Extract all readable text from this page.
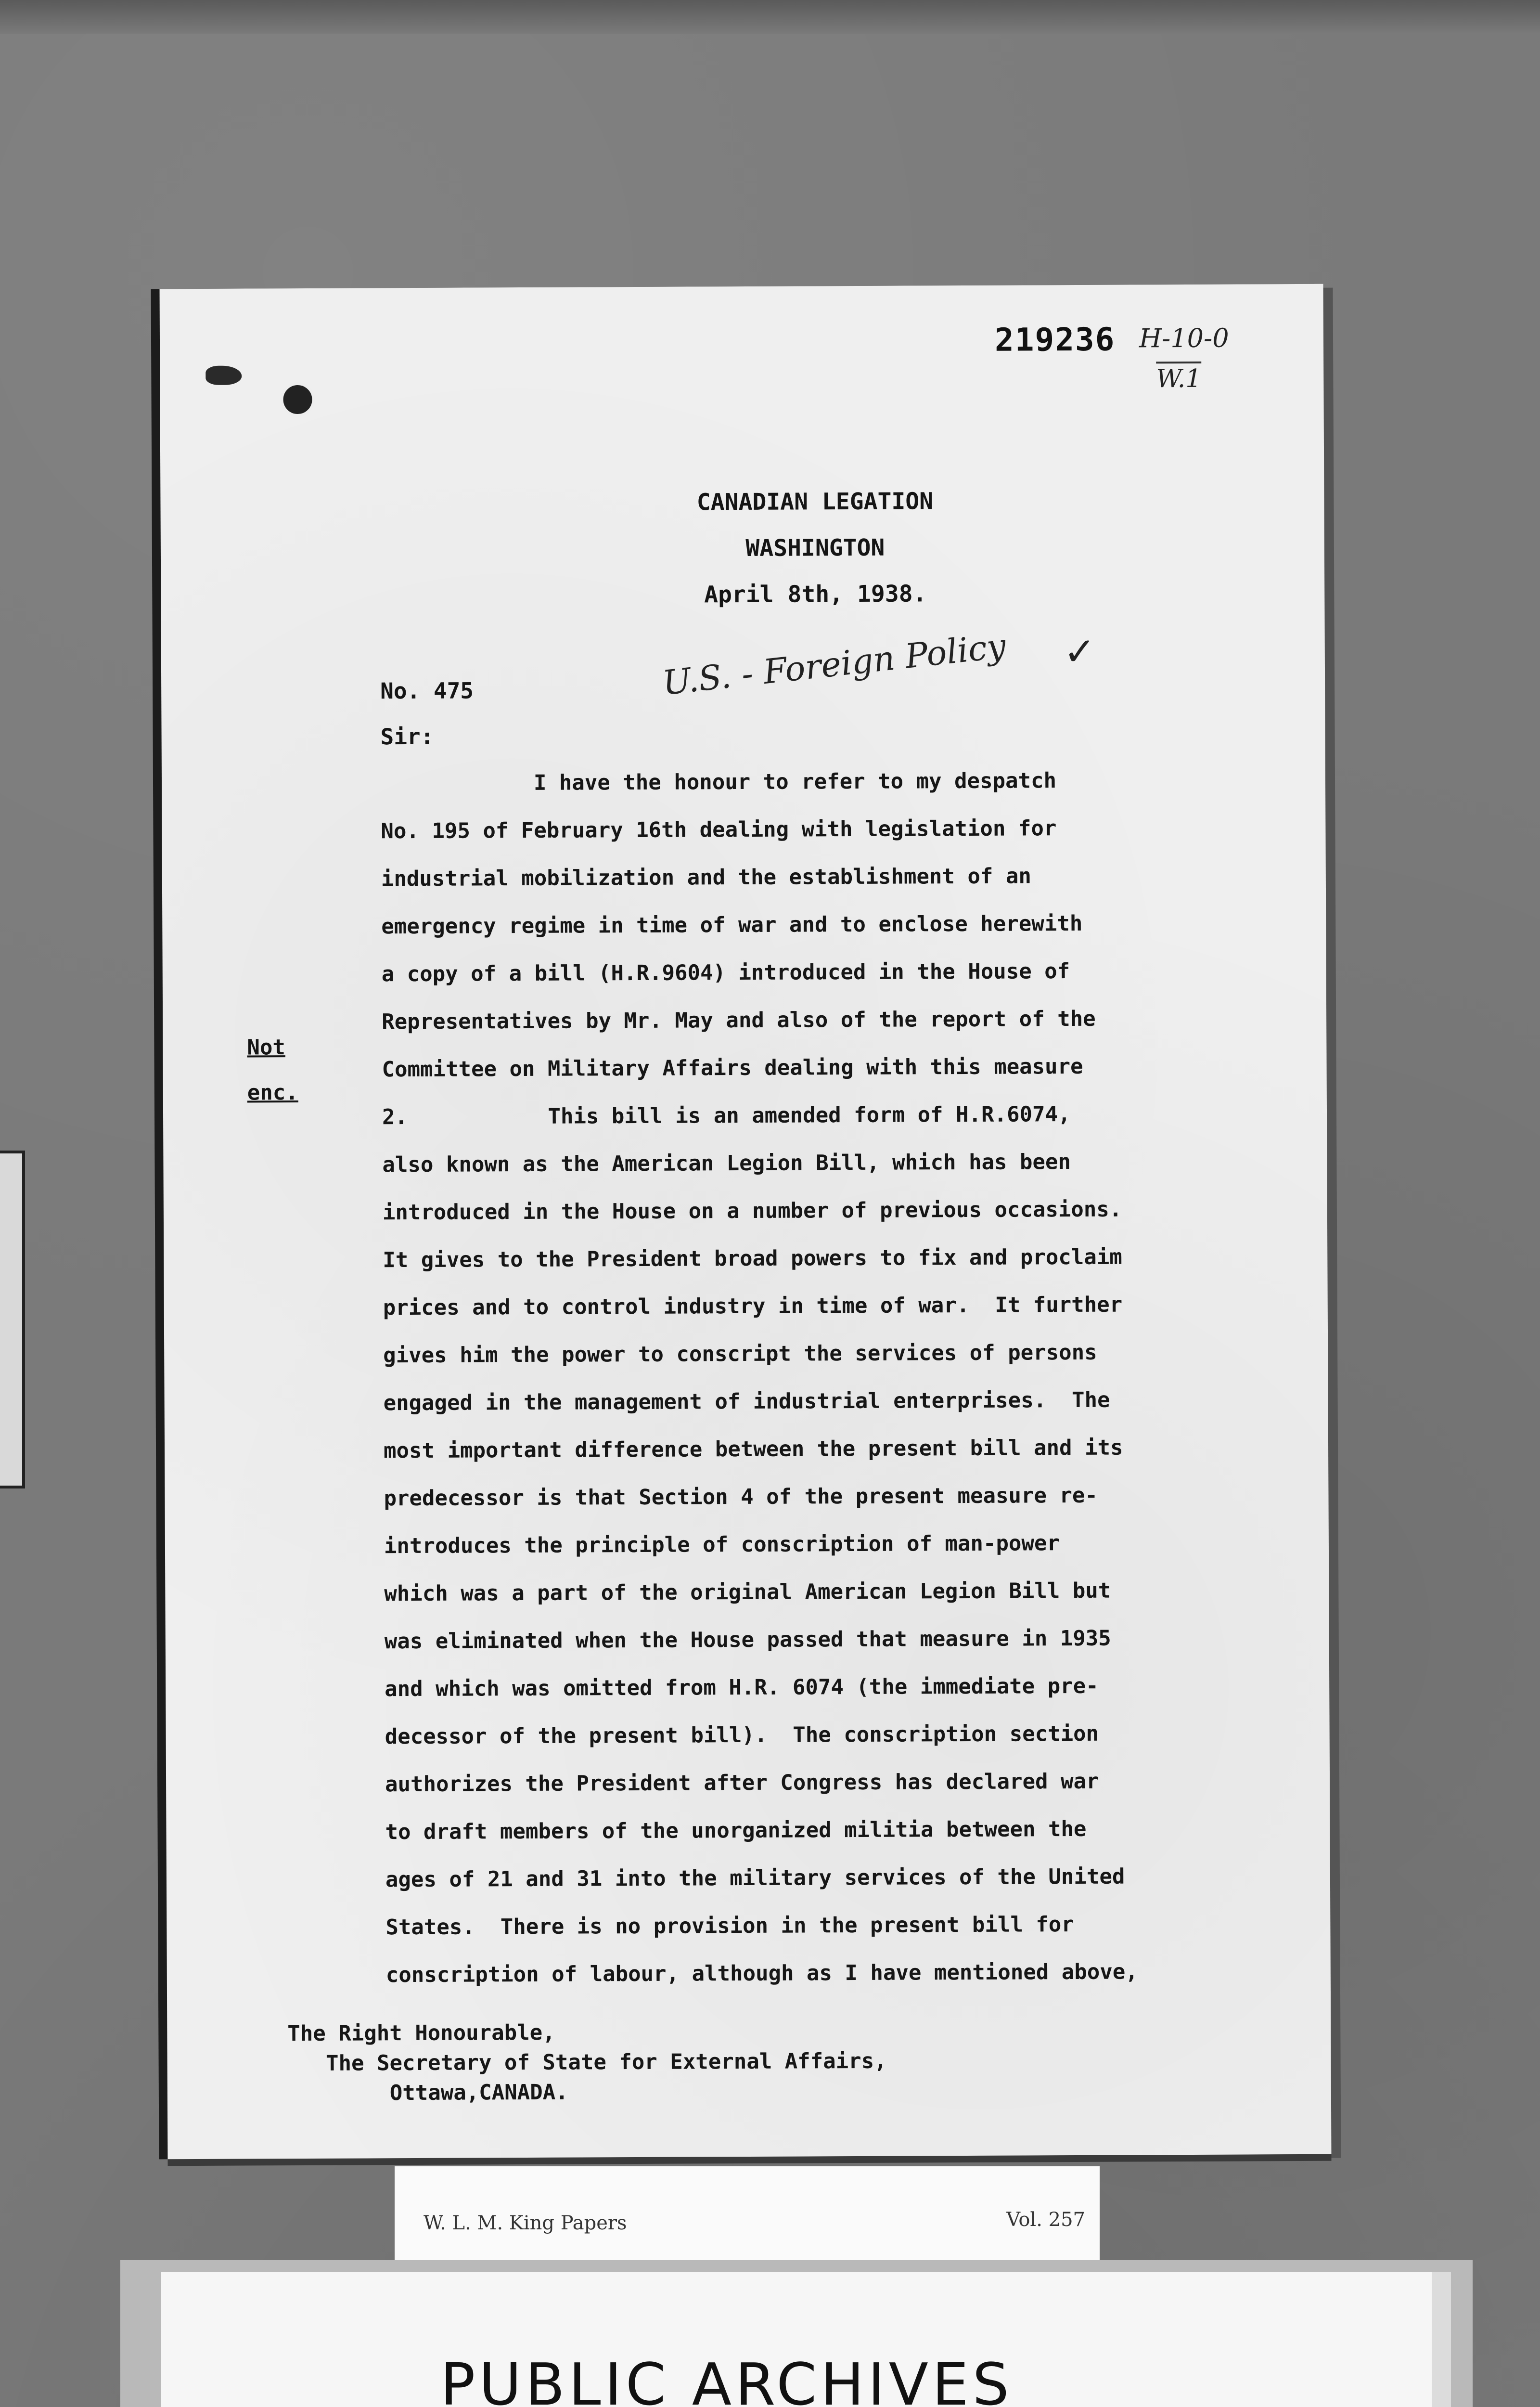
219236 H-10-0
W.1
CANADIAN LEGATION
WASHINGTON
April 8th, 1938.
U.S. - Foreign Policy ✓
No. 475
Sir:
Not
enc.
I have the honour to refer to my despatch
No. 195 of February 16th dealing with legislation for
industrial mobilization and the establishment of an
emergency regime in time of war and to enclose herewith
a copy of a bill (H.R.9604) introduced in the House of
Representatives by Mr. May and also of the report of the
Committee on Military Affairs dealing with this measure
2.           This bill is an amended form of H.R.6074,
also known as the American Legion Bill, which has been
introduced in the House on a number of previous occasions.
It gives to the President broad powers to fix and proclaim
prices and to control industry in time of war.  It further
gives him the power to conscript the services of persons
engaged in the management of industrial enterprises.  The
most important difference between the present bill and its
predecessor is that Section 4 of the present measure re-
introduces the principle of conscription of man-power
which was a part of the original American Legion Bill but
was eliminated when the House passed that measure in 1935
and which was omitted from H.R. 6074 (the immediate pre-
decessor of the present bill).  The conscription section
authorizes the President after Congress has declared war
to draft members of the unorganized militia between the
ages of 21 and 31 into the military services of the United
States.  There is no provision in the present bill for
conscription of labour, although as I have mentioned above,
The Right Honourable,
The Secretary of State for External Affairs,
Ottawa,CANADA.
W. L. M. King Papers	Vol. 257
PUBLIC ARCHIVES
